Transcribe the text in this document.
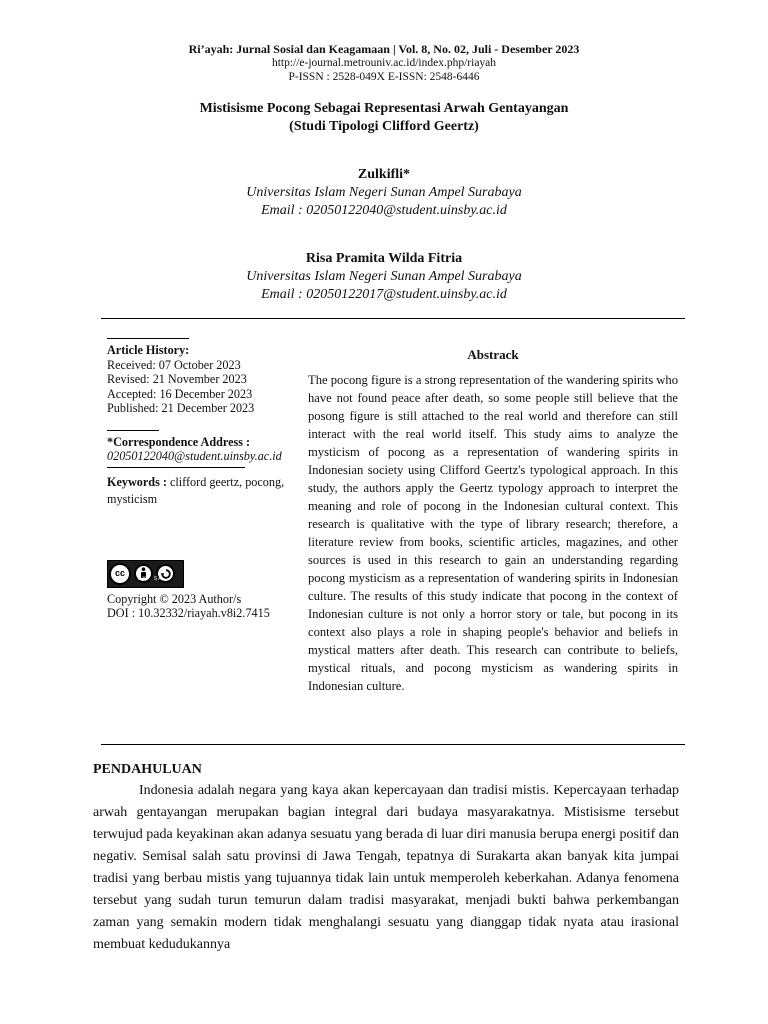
Ri’ayah: Jurnal Sosial dan Keagamaan | Vol. 8, No. 02, Juli - Desember 2023
http://e-journal.metrouniv.ac.id/index.php/riayah
P-ISSN : 2528-049X E-ISSN: 2548-6446
Mistisisme Pocong Sebagai Representasi Arwah Gentayangan
(Studi Tipologi Clifford Geertz)
Zulkifli*
Universitas Islam Negeri Sunan Ampel Surabaya
Email : 02050122040@student.uinsby.ac.id
Risa Pramita Wilda Fitria
Universitas Islam Negeri Sunan Ampel Surabaya
Email : 02050122017@student.uinsby.ac.id
Article History:
Received: 07 October 2023
Revised: 21 November 2023
Accepted: 16 December 2023
Published: 21 December 2023
*Correspondence Address :
02050122040@student.uinsby.ac.id
Keywords : clifford geertz, pocong, mysticism
cc
BY SA
Copyright © 2023 Author/s
DOI : 10.32332/riayah.v8i2.7415
Abstrack

The pocong figure is a strong representation of the wandering spirits who have not found peace after death, so some people still believe that the posong figure is still attached to the real world and therefore can still interact with the real world itself. This study aims to analyze the mysticism of pocong as a representation of wandering spirits in Indonesian society using Clifford Geertz's typological approach. In this study, the authors apply the Geertz typology approach to interpret the meaning and role of pocong in the Indonesian cultural context. This research is qualitative with the type of library research; therefore, a literature review from books, scientific articles, magazines, and other sources is used in this research to gain an understanding regarding pocong mysticism as a representation of wandering spirits in Indonesian culture. The results of this study indicate that pocong in the context of Indonesian culture is not only a horror story or tale, but pocong in its context also plays a role in shaping people's behavior and beliefs in mystical matters after death. This research can contribute to beliefs, mystical rituals, and pocong mysticism as wandering spirits in Indonesian culture.

PENDAHULUAN

Indonesia adalah negara yang kaya akan kepercayaan dan tradisi mistis. Kepercayaan terhadap arwah gentayangan merupakan bagian integral dari budaya masyarakatnya. Mistisisme tersebut terwujud pada keyakinan akan adanya sesuatu yang berada di luar diri manusia berupa energi positif dan negativ. Semisal salah satu provinsi di Jawa Tengah, tepatnya di Surakarta akan banyak kita jumpai tradisi yang berbau mistis yang tujuannya tidak lain untuk memperoleh keberkahan. Adanya fenomena tersebut yang sudah turun temurun dalam tradisi masyarakat, menjadi bukti bahwa perkembangan zaman yang semakin modern tidak menghalangi sesuatu yang dianggap tidak nyata atau irasional membuat kedudukannya
